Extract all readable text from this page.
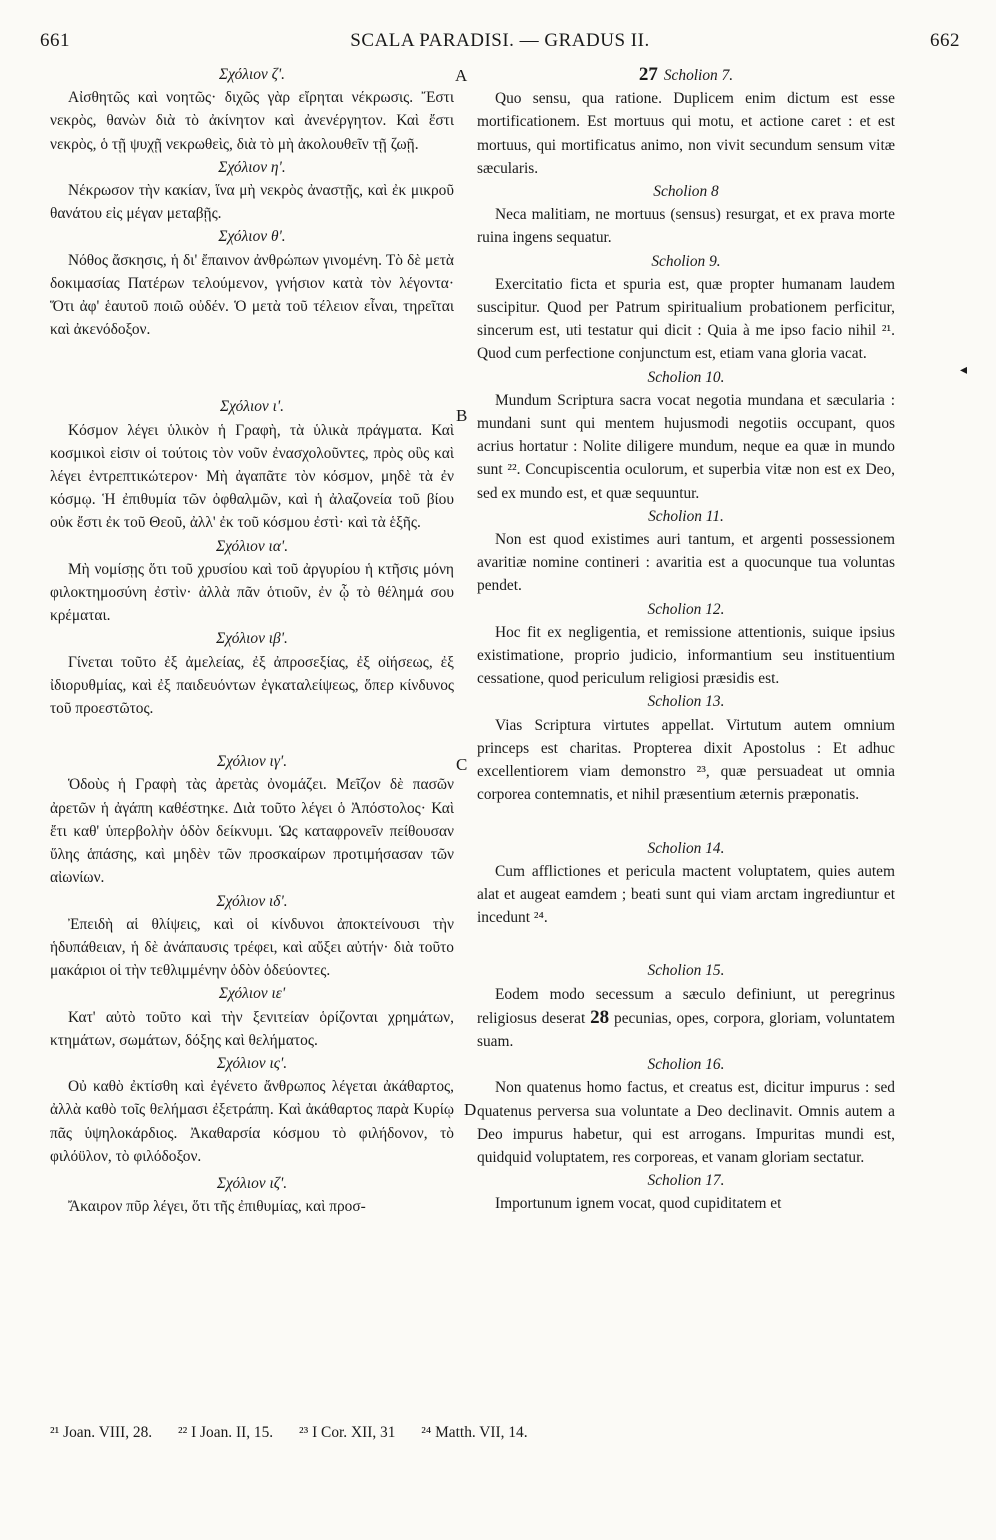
661	SCALA PARADISI. — GRADUS II.	662
A
B
C
D
◂

Σχόλιον ζ'.

Αἰσθητῶς καὶ νοητῶς· διχῶς γὰρ εἴρηται νέκρωσις. Ἔστι νεκρὸς, θανὼν διὰ τὸ ἀκίνητον καὶ ἀνενέργητον. Καὶ ἔστι νεκρὸς, ὁ τῇ ψυχῇ νεκρωθεὶς, διὰ τὸ μὴ ἀκολουθεῖν τῇ ζωῇ.

Σχόλιον η'.

Νέκρωσον τὴν κακίαν, ἵνα μὴ νεκρὸς ἀναστῇς, καὶ ἐκ μικροῦ θανάτου εἰς μέγαν μεταβῇς.

Σχόλιον θ'.

Νόθος ἄσκησις, ἡ δι' ἔπαινον ἀνθρώπων γινομένη. Τὸ δὲ μετὰ δοκιμασίας Πατέρων τελούμενον, γνήσιον κατὰ τὸν λέγοντα· Ὅτι ἀφ' ἑαυτοῦ ποιῶ οὐδέν. Ὁ μετὰ τοῦ τέλειον εἶναι, τηρεῖται καὶ ἀκενόδοξον.

Σχόλιον ι'.

Κόσμον λέγει ὑλικὸν ἡ Γραφὴ, τὰ ὑλικὰ πράγματα. Καὶ κοσμικοὶ εἰσιν οἱ τούτοις τὸν νοῦν ἐνασχολοῦντες, πρὸς οὓς καὶ λέγει ἐντρεπτικώτερον· Μὴ ἀγαπᾶτε τὸν κόσμον, μηδὲ τὰ ἐν κόσμῳ. Ἡ ἐπιθυμία τῶν ὀφθαλμῶν, καὶ ἡ ἀλαζονεία τοῦ βίου οὐκ ἔστι ἐκ τοῦ Θεοῦ, ἀλλ' ἐκ τοῦ κόσμου ἐστὶ· καὶ τὰ ἑξῆς.

Σχόλιον ια'.

Μὴ νομίσῃς ὅτι τοῦ χρυσίου καὶ τοῦ ἀργυρίου ἡ κτῆσις μόνη φιλοκτημοσύνη ἐστὶν· ἀλλὰ πᾶν ὁτιοῦν, ἐν ᾧ τὸ θέλημά σου κρέμαται.

Σχόλιον ιβ'.

Γίνεται τοῦτο ἐξ ἀμελείας, ἐξ ἀπροσεξίας, ἐξ οἰήσεως, ἐξ ἰδιορυθμίας, καὶ ἐξ παιδευόντων ἐγκαταλείψεως, ὅπερ κίνδυνος τοῦ προεστῶτος.

Σχόλιον ιγ'.

Ὁδοὺς ἡ Γραφὴ τὰς ἀρετὰς ὀνομάζει. Μεῖζον δὲ πασῶν ἀρετῶν ἡ ἀγάπη καθέστηκε. Διὰ τοῦτο λέγει ὁ Ἀπόστολος· Καὶ ἔτι καθ' ὑπερβολὴν ὁδὸν δείκνυμι. Ὡς καταφρονεῖν πείθουσαν ὕλης ἁπάσης, καὶ μηδὲν τῶν προσκαίρων προτιμήσασαν τῶν αἰωνίων.

Σχόλιον ιδ'.

Ἐπειδὴ αἱ θλίψεις, καὶ οἱ κίνδυνοι ἀποκτείνουσι τὴν ἡδυπάθειαν, ἡ δὲ ἀνάπαυσις τρέφει, καὶ αὔξει αὐτήν· διὰ τοῦτο μακάριοι οἱ τὴν τεθλιμμένην ὁδὸν ὁδεύοντες.

Σχόλιον ιε'

Κατ' αὐτὸ τοῦτο καὶ τὴν ξενιτείαν ὁρίζονται χρημάτων, κτημάτων, σωμάτων, δόξης καὶ θελήματος.

Σχόλιον ις'.

Οὐ καθὸ ἐκτίσθη καὶ ἐγένετο ἄνθρωπος λέγεται ἀκάθαρτος, ἀλλὰ καθὸ τοῖς θελήμασι ἐξετράπη. Καὶ ἀκάθαρτος παρὰ Κυρίῳ πᾶς ὑψηλοκάρδιος. Ἀκαθαρσία κόσμου τὸ φιλήδονον, τὸ φιλόϋλον, τὸ φιλόδοξον.

Σχόλιον ιζ'.

Ἄκαιρον πῦρ λέγει, ὅτι τῆς ἐπιθυμίας, καὶ προσ-

27 Scholion 7.

Quo sensu, qua ratione. Duplicem enim dictum est esse mortificationem. Est mortuus qui motu, et actione caret : et est mortuus, qui mortificatus animo, non vivit secundum sensum vitæ sæcularis.

Scholion 8

Neca malitiam, ne mortuus (sensus) resurgat, et ex prava morte ruina ingens sequatur.

Scholion 9.

Exercitatio ficta et spuria est, quæ propter humanam laudem suscipitur. Quod per Patrum spiritualium probationem perficitur, sincerum est, uti testatur qui dicit : Quia à me ipso facio nihil ²¹. Quod cum perfectione conjunctum est, etiam vana gloria vacat.

Scholion 10.

Mundum Scriptura sacra vocat negotia mundana et sæcularia : mundani sunt qui mentem hujusmodi negotiis occupant, quos acrius hortatur : Nolite diligere mundum, neque ea quæ in mundo sunt ²². Concupiscentia oculorum, et superbia vitæ non est ex Deo, sed ex mundo est, et quæ sequuntur.

Scholion 11.

Non est quod existimes auri tantum, et argenti possessionem avaritiæ nomine contineri : avaritia est a quocunque tua voluntas pendet.

Scholion 12.

Hoc fit ex negligentia, et remissione attentionis, suique ipsius existimatione, proprio judicio, informantium seu instituentium cessatione, quod periculum religiosi præsidis est.

Scholion 13.

Vias Scriptura virtutes appellat. Virtutum autem omnium princeps est charitas. Propterea dixit Apostolus : Et adhuc excellentiorem viam demonstro ²³, quæ persuadeat ut omnia corporea contemnatis, et nihil præsentium æternis præponatis.

Scholion 14.

Cum afflictiones et pericula mactent voluptatem, quies autem alat et augeat eamdem ; beati sunt qui viam arctam ingrediuntur et incedunt ²⁴.

Scholion 15.

Eodem modo secessum a sæculo definiunt, ut peregrinus religiosus deserat 28 pecunias, opes, corpora, gloriam, voluntatem suam.

Scholion 16.

Non quatenus homo factus, et creatus est, dicitur impurus : sed quatenus perversa sua voluntate a Deo declinavit. Omnis autem a Deo impurus habetur, qui est arrogans. Impuritas mundi est, quidquid voluptatem, res corporeas, et vanam gloriam sectatur.

Scholion 17.

Importunum ignem vocat, quod cupiditatem et

²¹ Joan. VIII, 28. ²² I Joan. II, 15. ²³ I Cor. XII, 31 ²⁴ Matth. VII, 14.
